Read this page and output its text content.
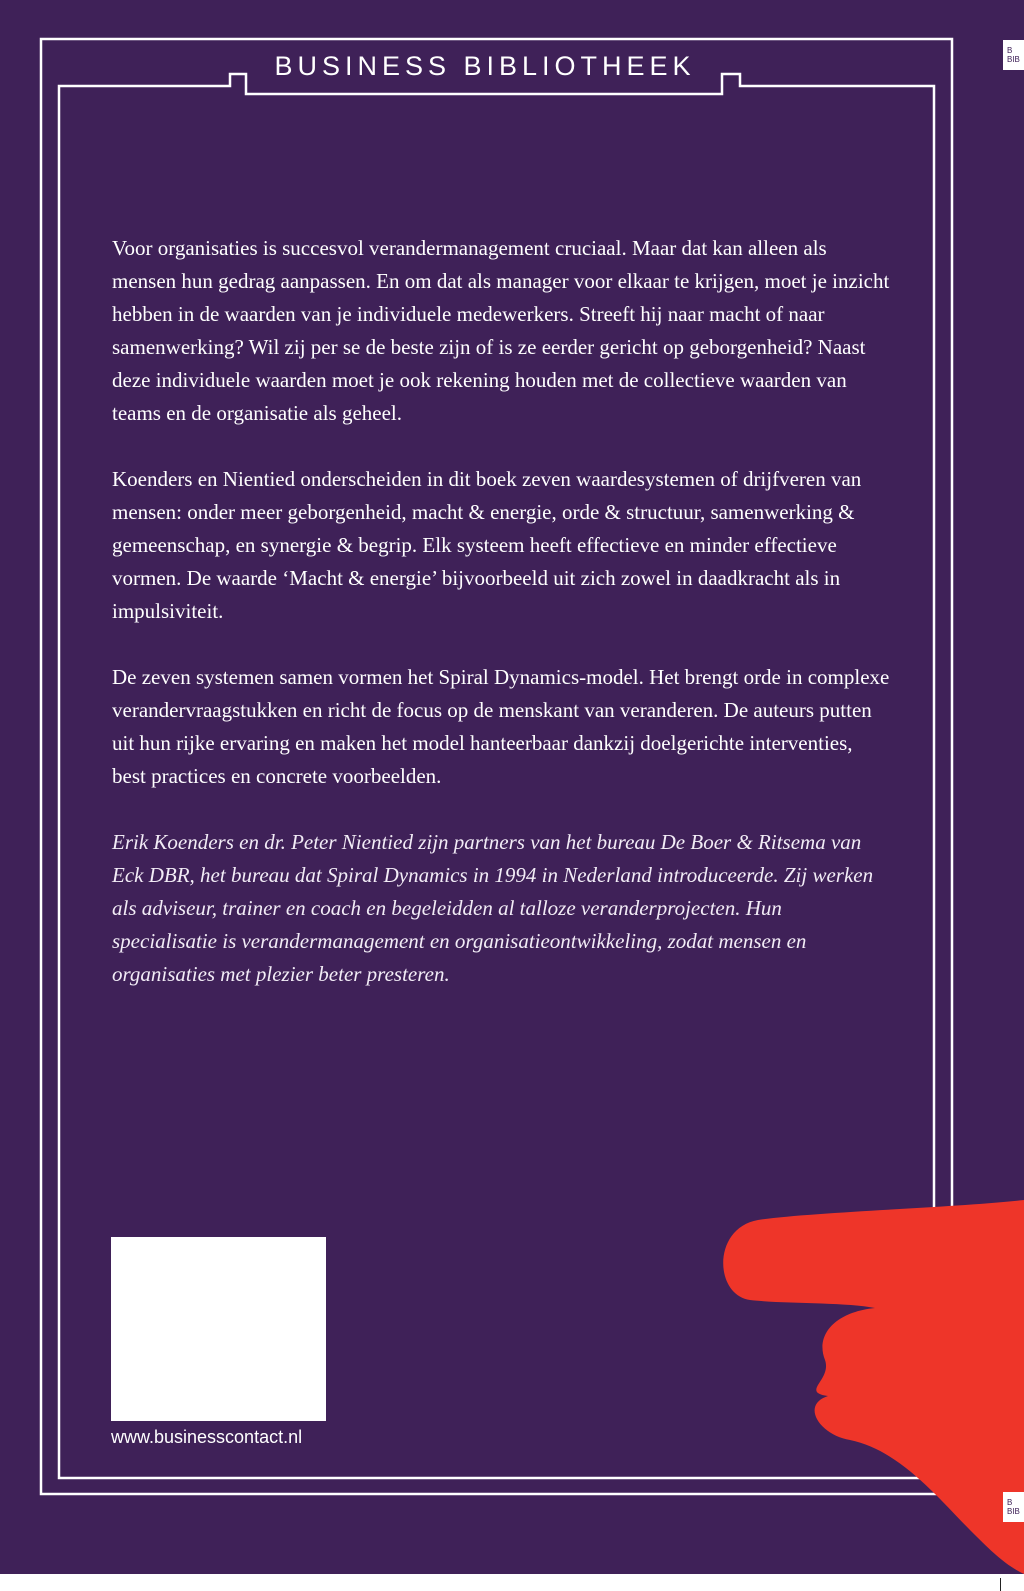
BUSINESS BIBLIOTHEEK

Voor organisaties is succesvol verandermanagement cruciaal. Maar dat kan alleen als mensen hun gedrag aanpassen. En om dat als manager voor elkaar te krijgen, moet je inzicht hebben in de waarden van je individuele medewerkers. Streeft hij naar macht of naar samenwerking? Wil zij per se de beste zijn of is ze eerder gericht op geborgenheid? Naast deze individuele waarden moet je ook rekening houden met de collectieve waarden van teams en de organisatie als geheel.

Koenders en Nientied onderscheiden in dit boek zeven waardesystemen of drijfveren van mensen: onder meer geborgenheid, macht & energie, orde & structuur, samenwerking & gemeenschap, en synergie & begrip. Elk systeem heeft effectieve en minder effectieve vormen. De waarde ‘Macht & energie’ bijvoorbeeld uit zich zowel in daadkracht als in impulsiviteit.

De zeven systemen samen vormen het Spiral Dynamics-model. Het brengt orde in complexe verandervraagstukken en richt de focus op de menskant van veranderen. De auteurs putten uit hun rijke ervaring en maken het model hanteerbaar dankzij doelgerichte interventies, best practices en concrete voorbeelden.

Erik Koenders en dr. Peter Nientied zijn partners van het bureau De Boer & Ritsema van Eck DBR, het bureau dat Spiral Dynamics in 1994 in Nederland introduceerde. Zij werken als adviseur, trainer en coach en begeleidden al talloze veranderprojecten. Hun specialisatie is verandermanagement en organisatieontwikkeling, zodat mensen en organisaties met plezier beter presteren.

www.businesscontact.nl
B
BIB
B
BIB
